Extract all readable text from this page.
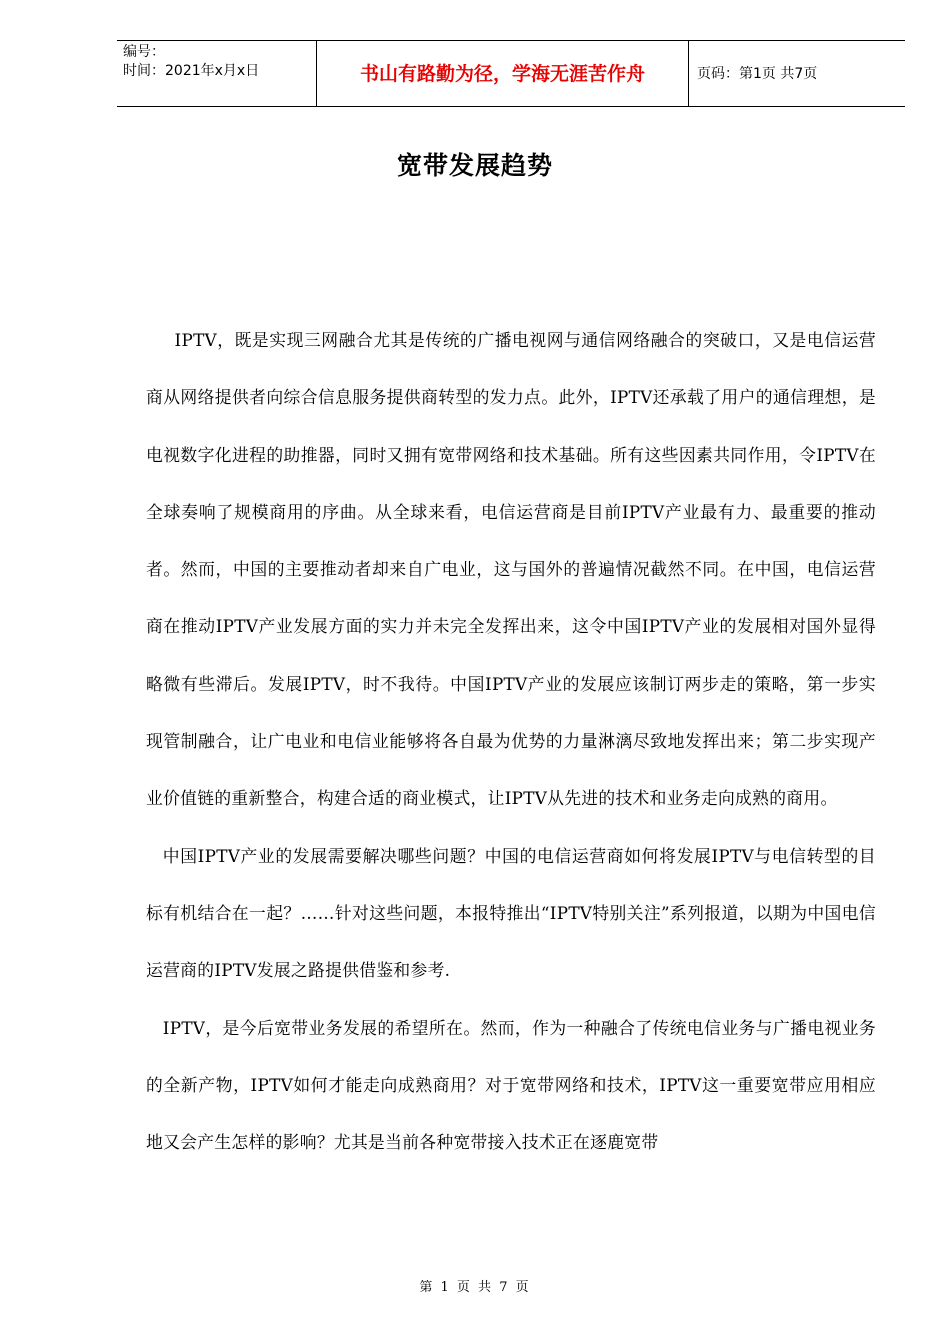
编号：
时间：2021年x月x日	书山有路勤为径，学海无涯苦作舟	页码：第1页 共7页
宽带发展趋势

IPTV，既是实现三网融合尤其是传统的广播电视网与通信网络融合的突破口，又是电信运营商从网络提供者向综合信息服务提供商转型的发力点。此外，IPTV还承载了用户的通信理想，是电视数字化进程的助推器，同时又拥有宽带网络和技术基础。所有这些因素共同作用，令IPTV在全球奏响了规模商用的序曲。从全球来看，电信运营商是目前IPTV产业最有力、最重要的推动者。然而，中国的主要推动者却来自广电业，这与国外的普遍情况截然不同。在中国，电信运营商在推动IPTV产业发展方面的实力并未完全发挥出来，这令中国IPTV产业的发展相对国外显得略微有些滞后。发展IPTV，时不我待。中国IPTV产业的发展应该制订两步走的策略，第一步实现管制融合，让广电业和电信业能够将各自最为优势的力量淋漓尽致地发挥出来；第二步实现产业价值链的重新整合，构建合适的商业模式，让IPTV从先进的技术和业务走向成熟的商用。

中国IPTV产业的发展需要解决哪些问题？中国的电信运营商如何将发展IPTV与电信转型的目标有机结合在一起？……针对这些问题，本报特推出“IPTV特别关注”系列报道，以期为中国电信运营商的IPTV发展之路提供借鉴和参考.

IPTV，是今后宽带业务发展的希望所在。然而，作为一种融合了传统电信业务与广播电视业务的全新产物，IPTV如何才能走向成熟商用？对于宽带网络和技术，IPTV这一重要宽带应用相应地又会产生怎样的影响？尤其是当前各种宽带接入技术正在逐鹿宽带

第 1 页 共 7 页
